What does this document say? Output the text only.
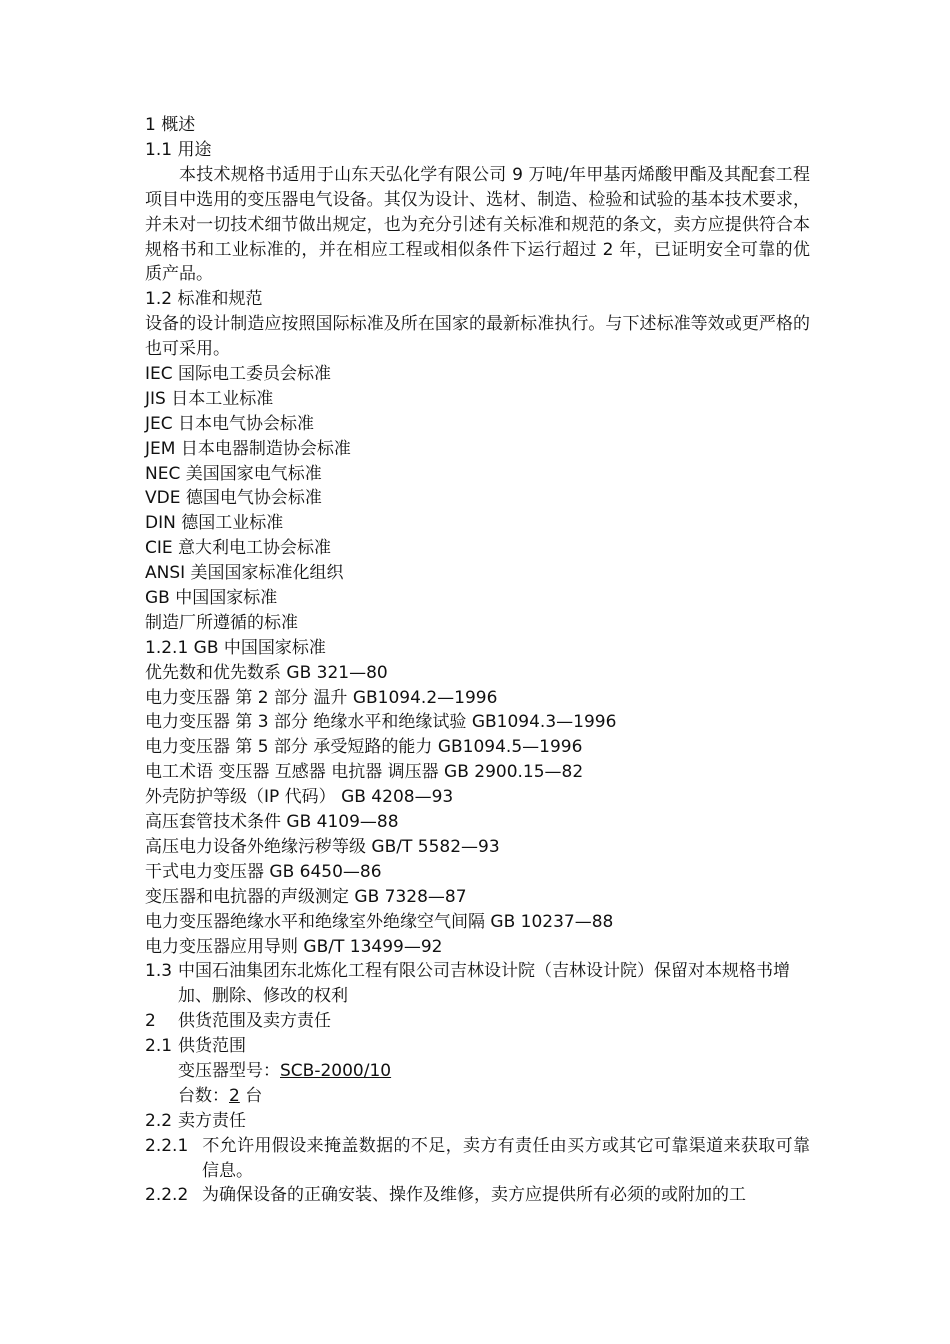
1 概述
1.1 用途
本技术规格书适用于山东天弘化学有限公司 9 万吨/年甲基丙烯酸甲酯及其配套工程项目中选用的变压器电气设备。其仅为设计、选材、制造、检验和试验的基本技术要求，并未对一切技术细节做出规定，也为充分引述有关标准和规范的条文，卖方应提供符合本规格书和工业标准的，并在相应工程或相似条件下运行超过 2 年，已证明安全可靠的优质产品。
1.2 标准和规范
设备的设计制造应按照国际标准及所在国家的最新标准执行。与下述标准等效或更严格的也可采用。
IEC 国际电工委员会标准
JIS 日本工业标准
JEC 日本电气协会标准
JEM 日本电器制造协会标准
NEC 美国国家电气标准
VDE 德国电气协会标准
DIN 德国工业标准
CIE 意大利电工协会标准
ANSI 美国国家标准化组织
GB 中国国家标准
制造厂所遵循的标准
1.2.1 GB 中国国家标准
优先数和优先数系 GB 321—80
电力变压器 第 2 部分 温升 GB1094.2—1996
电力变压器 第 3 部分 绝缘水平和绝缘试验 GB1094.3—1996
电力变压器 第 5 部分 承受短路的能力 GB1094.5—1996
电工术语 变压器 互感器 电抗器 调压器 GB 2900.15—82
外壳防护等级（IP 代码） GB 4208—93
高压套管技术条件 GB 4109—88
高压电力设备外绝缘污秽等级 GB/T 5582—93
干式电力变压器 GB 6450—86
变压器和电抗器的声级测定 GB 7328—87
电力变压器绝缘水平和绝缘室外绝缘空气间隔 GB 10237—88
电力变压器应用导则 GB/T 13499—92
1.3 中国石油集团东北炼化工程有限公司吉林设计院（吉林设计院）保留对本规格书增加、删除、修改的权利
2 供货范围及卖方责任
2.1 供货范围
变压器型号：SCB-2000/10
台数：2 台
2.2 卖方责任
2.2.1 不允许用假设来掩盖数据的不足，卖方有责任由买方或其它可靠渠道来获取可靠信息。
2.2.2 为确保设备的正确安装、操作及维修，卖方应提供所有必须的或附加的工
